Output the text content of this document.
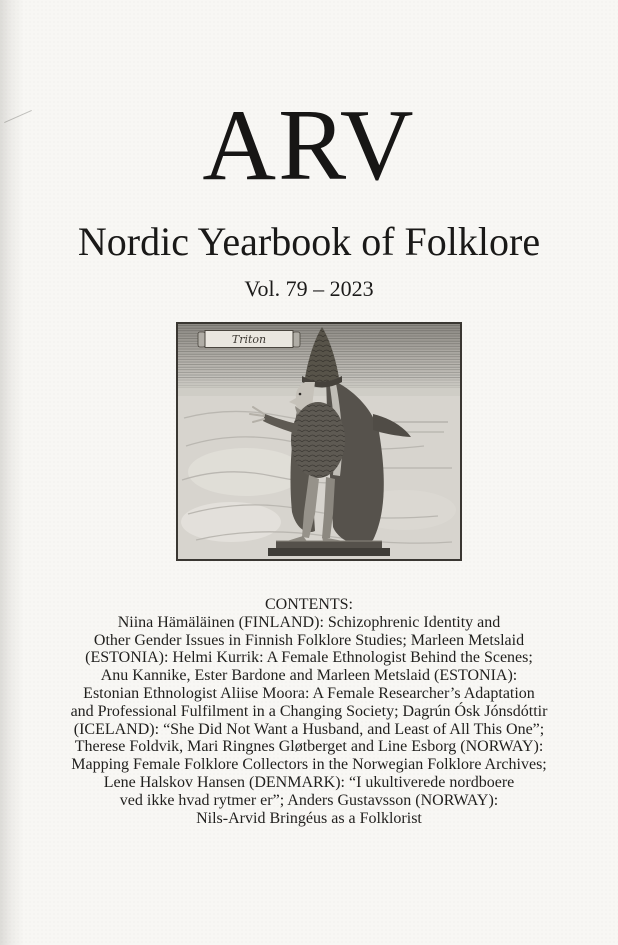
ARV
Nordic Yearbook of Folklore
Vol. 79 – 2023
Triton
CONTENTS:
Niina Hämäläinen (FINLAND): Schizophrenic Identity and
Other Gender Issues in Finnish Folklore Studies; Marleen Metslaid
(ESTONIA): Helmi Kurrik: A Female Ethnologist Behind the Scenes;
Anu Kannike, Ester Bardone and Marleen Metslaid (ESTONIA):
Estonian Ethnologist Aliise Moora: A Female Researcher’s Adaptation
and Professional Fulfilment in a Changing Society; Dagrún Ósk Jónsdóttir
(ICELAND): “She Did Not Want a Husband, and Least of All This One”;
Therese Foldvik, Mari Ringnes Gløtberget and Line Esborg (NORWAY):
Mapping Female Folklore Collectors in the Norwegian Folklore Archives;
Lene Halskov Hansen (DENMARK): “I ukultiverede nordboere
ved ikke hvad rytmer er”; Anders Gustavsson (NORWAY):
Nils-Arvid Bringéus as a Folklorist
